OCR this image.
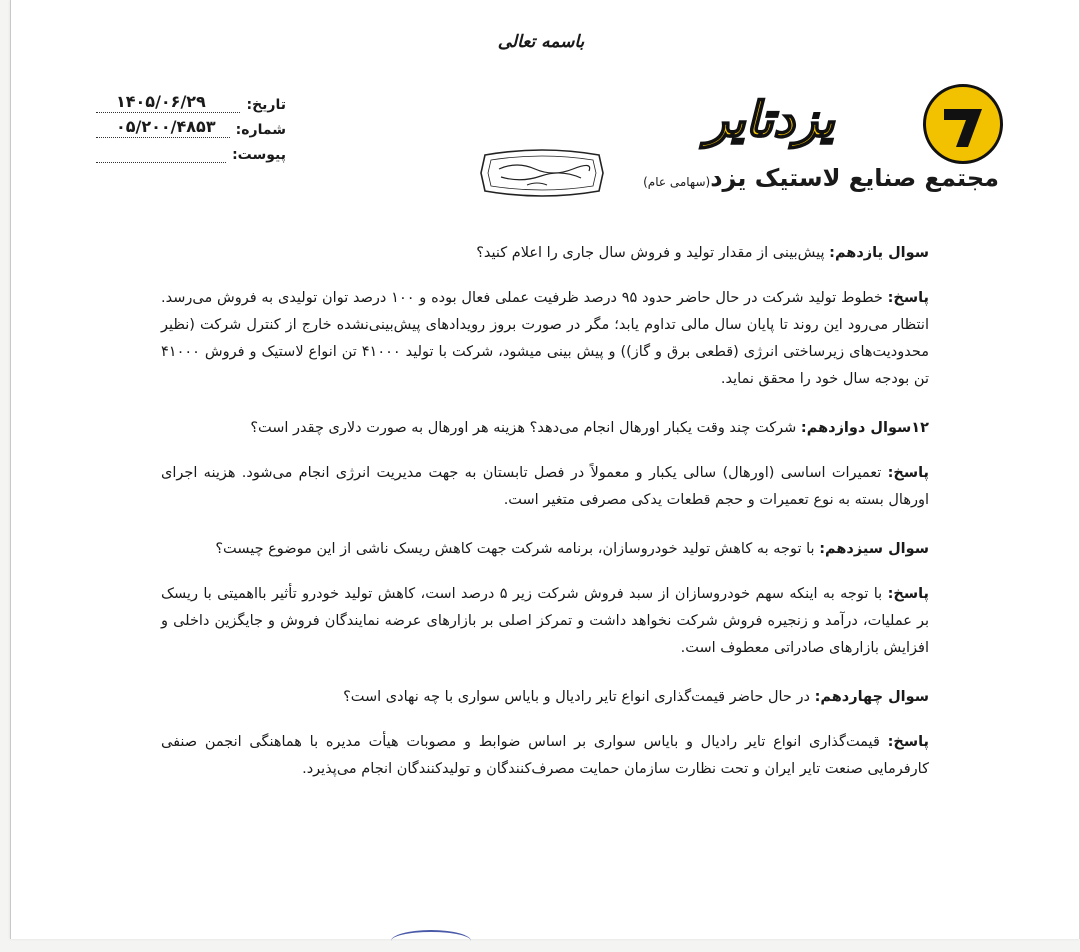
باسمه تعالی
تاریخ:
۱۴۰۵/۰۶/۲۹
شماره:
۰۵/۲۰۰/۴۸۵۳
پیوست:
یزدتایر
مجتمع صنایع لاستیک یزد(سهامی عام)
سوال یازدهم: پیش‌بینی از مقدار تولید و فروش سال جاری را اعلام کنید؟
پاسخ: خطوط تولید شرکت در حال حاضر حدود ۹۵ درصد ظرفیت عملی فعال بوده و ۱۰۰ درصد توان تولیدی به فروش می‌رسد. انتظار می‌رود این روند تا پایان سال مالی تداوم یابد؛ مگر در صورت بروز رویدادهای پیش‌بینی‌نشده خارج از کنترل شرکت (نظیر محدودیت‌های زیرساختی انرژی (قطعی برق و گاز)) و پیش بینی میشود، شرکت با تولید ۴۱۰۰۰ تن انواع لاستیک و فروش ۴۱۰۰۰ تن بودجه سال خود را محقق نماید.
۱۲سوال دوازدهم: شرکت چند وقت یکبار اورهال انجام می‌دهد؟ هزینه هر اورهال به صورت دلاری چقدر است؟
پاسخ: تعمیرات اساسی (اورهال) سالی یکبار و معمولاً در فصل تابستان به جهت مدیریت انرژی انجام می‌شود. هزینه اجرای اورهال بسته به نوع تعمیرات و حجم قطعات یدکی مصرفی متغیر است.
سوال سیزدهم: با توجه به کاهش تولید خودروسازان، برنامه شرکت جهت کاهش ریسک ناشی از این موضوع چیست؟
پاسخ: با توجه به اینکه سهم خودروسازان از سبد فروش شرکت زیر ۵ درصد است، کاهش تولید خودرو تأثیر بااهمیتی با ریسک بر عملیات، درآمد و زنجیره فروش شرکت نخواهد داشت و تمرکز اصلی بر بازارهای عرضه نمایندگان فروش و جایگزین داخلی و افزایش بازارهای صادراتی معطوف است.
سوال چهاردهم: در حال حاضر قیمت‌گذاری انواع تایر رادیال و بایاس سواری با چه نهادی است؟
پاسخ: قیمت‌گذاری انواع تایر رادیال و بایاس سواری بر اساس ضوابط و مصوبات هیأت مدیره با هماهنگی انجمن صنفی کارفرمایی صنعت تایر ایران و تحت نظارت سازمان حمایت مصرف‌کنندگان و تولیدکنندگان انجام می‌پذیرد.
